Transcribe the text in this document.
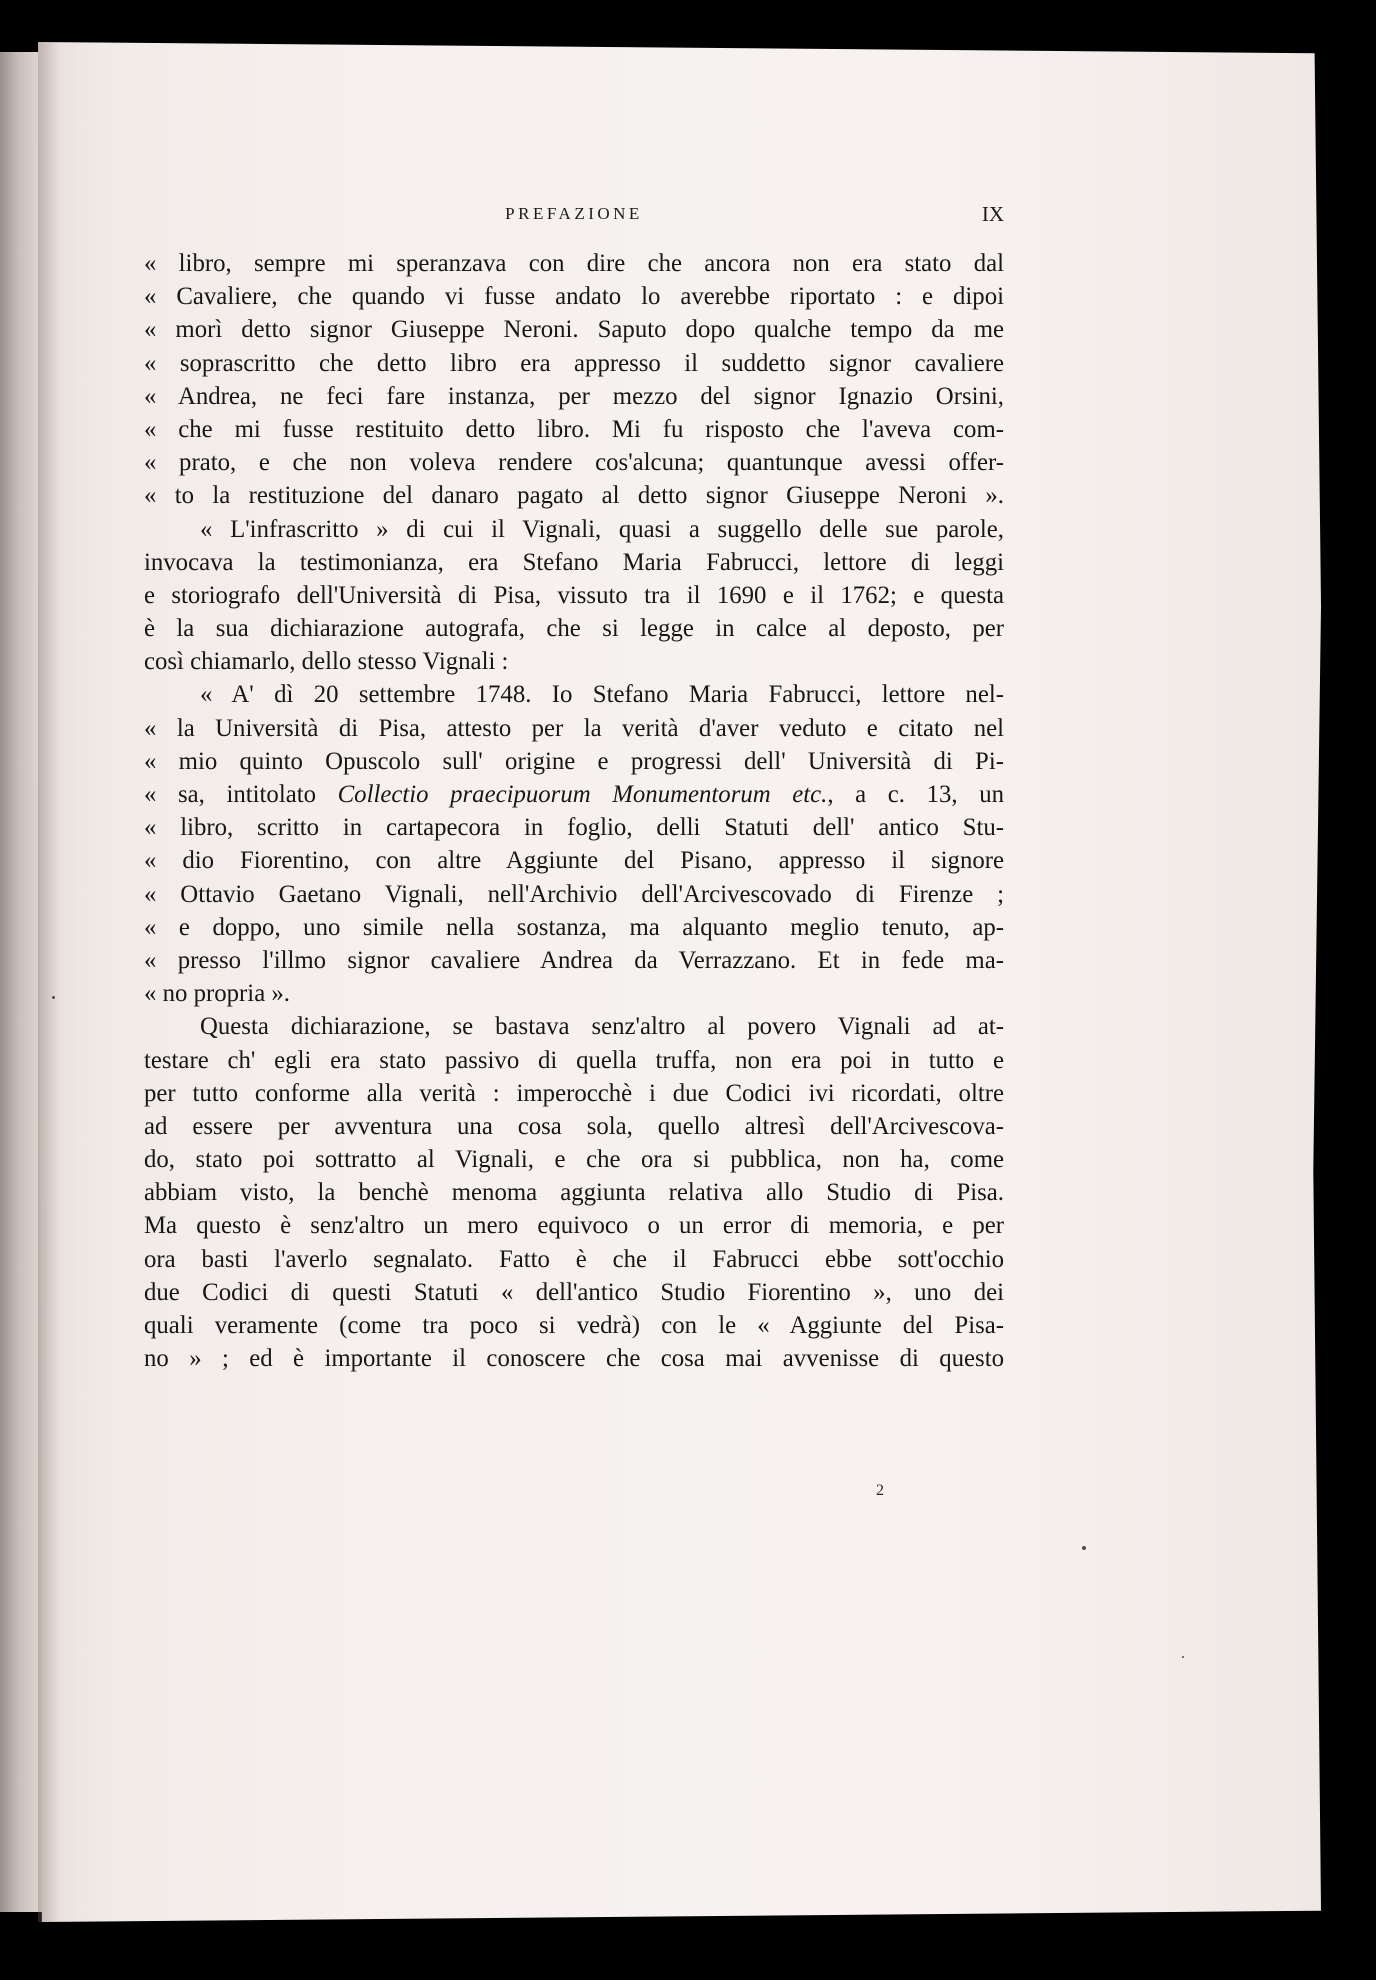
PREFAZIONE	IX
« libro, sempre mi speranzava con dire che ancora non era stato dal
« Cavaliere, che quando vi fusse andato lo averebbe riportato : e dipoi
« morì detto signor Giuseppe Neroni. Saputo dopo qualche tempo da me
« soprascritto che detto libro era appresso il suddetto signor cavaliere
« Andrea, ne feci fare instanza, per mezzo del signor Ignazio Orsini,
« che mi fusse restituito detto libro. Mi fu risposto che l'aveva com-
« prato, e che non voleva rendere cos'alcuna; quantunque avessi offer-
« to la restituzione del danaro pagato al detto signor Giuseppe Neroni ».
« L'infrascritto » di cui il Vignali, quasi a suggello delle sue parole,
invocava la testimonianza, era Stefano Maria Fabrucci, lettore di leggi
e storiografo dell'Università di Pisa, vissuto tra il 1690 e il 1762; e questa
è la sua dichiarazione autografa, che si legge in calce al deposto, per
così chiamarlo, dello stesso Vignali :
« A' dì 20 settembre 1748. Io Stefano Maria Fabrucci, lettore nel-
« la Università di Pisa, attesto per la verità d'aver veduto e citato nel
« mio quinto Opuscolo sull' origine e progressi dell' Università di Pi-
« sa, intitolato Collectio praecipuorum Monumentorum etc., a c. 13, un
« libro, scritto in cartapecora in foglio, delli Statuti dell' antico Stu-
« dio Fiorentino, con altre Aggiunte del Pisano, appresso il signore
« Ottavio Gaetano Vignali, nell'Archivio dell'Arcivescovado di Firenze ;
« e doppo, uno simile nella sostanza, ma alquanto meglio tenuto, ap-
« presso l'illmo signor cavaliere Andrea da Verrazzano. Et in fede ma-
« no propria ».
Questa dichiarazione, se bastava senz'altro al povero Vignali ad at-
testare ch' egli era stato passivo di quella truffa, non era poi in tutto e
per tutto conforme alla verità : imperocchè i due Codici ivi ricordati, oltre
ad essere per avventura una cosa sola, quello altresì dell'Arcivescova-
do, stato poi sottratto al Vignali, e che ora si pubblica, non ha, come
abbiam visto, la benchè menoma aggiunta relativa allo Studio di Pisa.
Ma questo è senz'altro un mero equivoco o un error di memoria, e per
ora basti l'averlo segnalato. Fatto è che il Fabrucci ebbe sott'occhio
due Codici di questi Statuti « dell'antico Studio Fiorentino », uno dei
quali veramente (come tra poco si vedrà) con le « Aggiunte del Pisa-
no » ; ed è importante il conoscere che cosa mai avvenisse di questo
2
